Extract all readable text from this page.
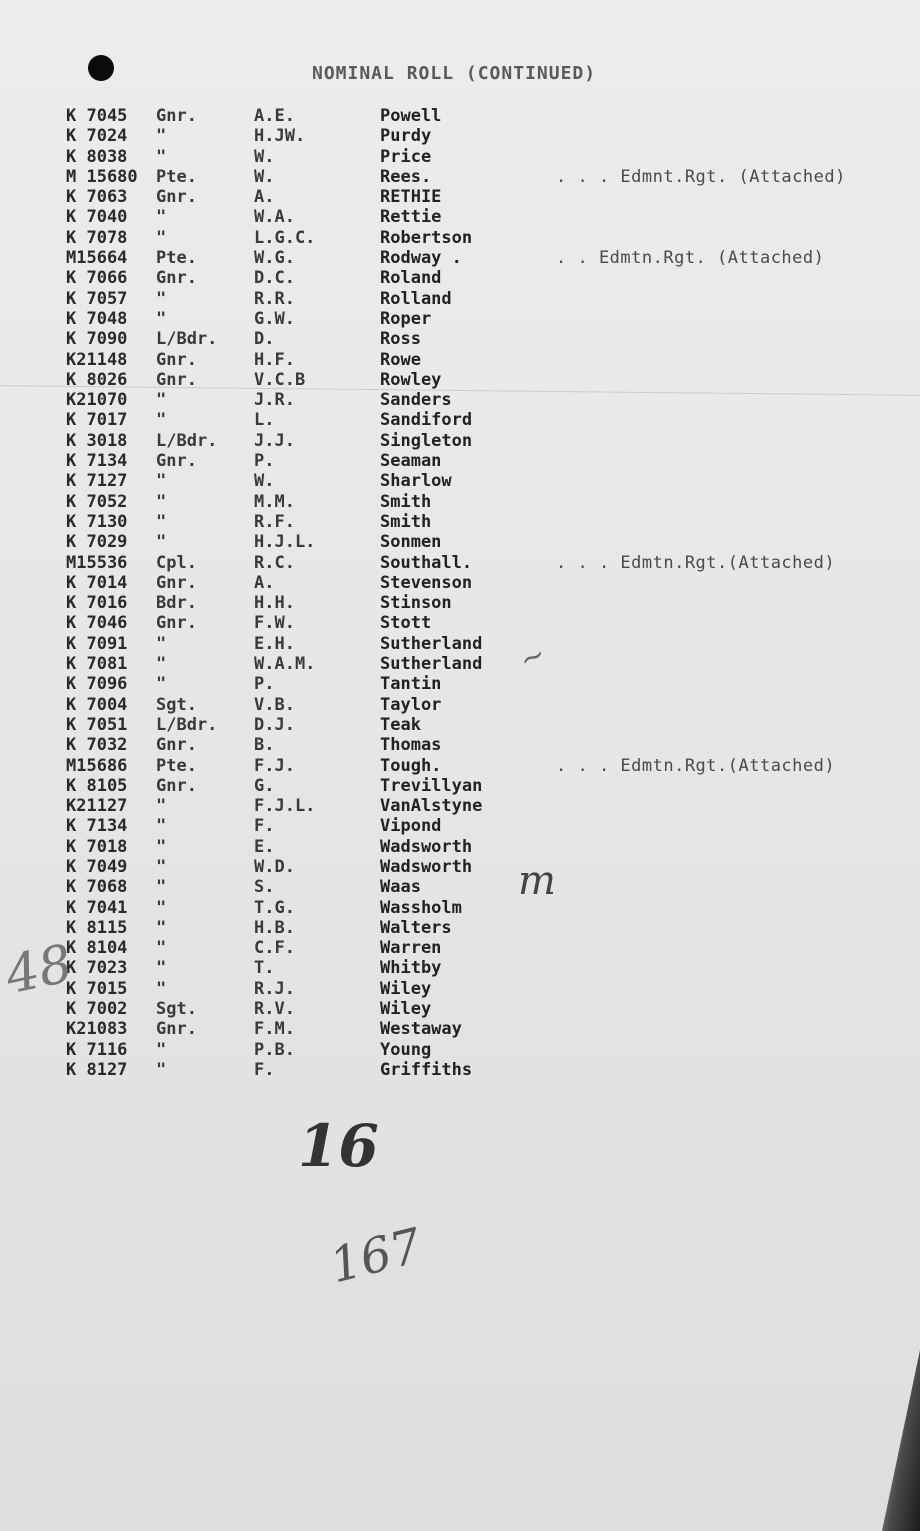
NOMINAL ROLL (CONTINUED)
K 7045 Gnr.	A.E.	Powell
K 7024 "	H.JW.	Purdy
K 8038 "	W.	Price
M 15680 Pte.	W.	Rees.	. . . Edmnt.Rgt. (Attached)
K 7063 Gnr.	A.	RETHIE
K 7040 "	W.A.	Rettie
K 7078 "	L.G.C.	Robertson
M15664 Pte.	W.G.	Rodway .	. . Edmtn.Rgt. (Attached)
K 7066 Gnr.	D.C.	Roland
K 7057 "	R.R.	Rolland
K 7048 "	G.W.	Roper
K 7090 L/Bdr. D.	Ross
K21148 Gnr.	H.F.	Rowe
K 8026 Gnr.	V.C.B	Rowley
K21070 "	J.R.	Sanders
K 7017 "	L.	Sandiford
K 3018 L/Bdr. J.J.	Singleton
K 7134 Gnr.	P.	Seaman
K 7127 "	W.	Sharlow
K 7052 "	M.M.	Smith
K 7130 "	R.F.	Smith
K 7029 "	H.J.L.	Sonmen
M15536 Cpl.	R.C.	Southall.	. . . Edmtn.Rgt.(Attached)
K 7014 Gnr.	A.	Stevenson
K 7016 Bdr.	H.H.	Stinson
K 7046 Gnr.	F.W.	Stott
K 7091 "	E.H.	Sutherland
K 7081 "	W.A.M.	Sutherland
K 7096 "	P.	Tantin
K 7004 Sgt.	V.B.	Taylor
K 7051 L/Bdr. D.J.	Teak
K 7032 Gnr.	B.	Thomas
M15686 Pte.	F.J.	Tough.	. . . Edmtn.Rgt.(Attached)
K 8105 Gnr.	G.	Trevillyan
K21127 "	F.J.L.	VanAlstyne
K 7134 "	F.	Vipond
K 7018 "	E.	Wadsworth
K 7049 "	W.D.	Wadsworth
K 7068 "	S.	Waas
K 7041 "	T.G.	Wassholm
K 8115 "	H.B.	Walters
K 8104 "	C.F.	Warren
K 7023 "	T.	Whitby
K 7015 "	R.J.	Wiley
K 7002 Sgt.	R.V.	Wiley
K21083 Gnr.	F.M.	Westaway
K 7116 "	P.B.	Young
K 8127 "	F.	Griffiths
48
~
m
16
167
